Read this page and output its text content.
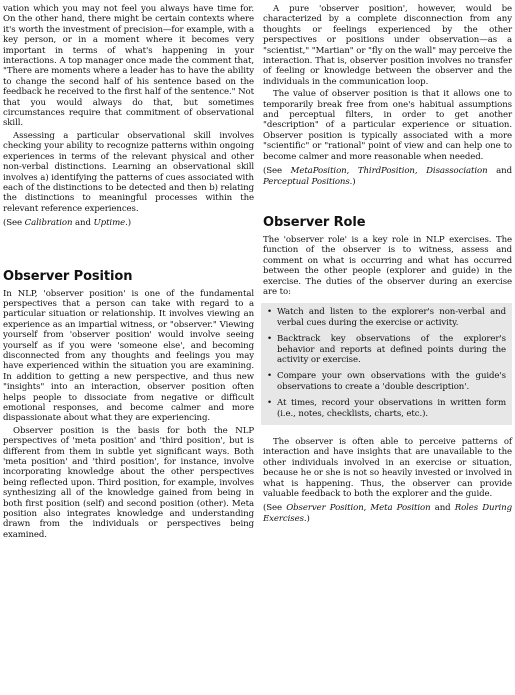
vation which you may not feel you always have time for. On the other hand, there might be certain contexts where it's worth the investment of precision—for example, with a key person, or in a moment where it becomes very important in terms of what's happening in your interactions. A top manager once made the comment that, "There are moments where a leader has to have the ability to change the second half of his sentence based on the feedback he received to the first half of the sentence." Not that you would always do that, but sometimes circumstances require that commitment of observational skill.

Assessing a particular observational skill involves checking your ability to recognize patterns within ongoing experiences in terms of the relevant physical and other non-verbal distinctions. Learning an observational skill involves a) identifying the patterns of cues associated with each of the distinctions to be detected and then b) relating the distinctions to meaningful processes within the relevant reference experiences.

(See Calibration and Uptime.)

Observer Position

In NLP, 'observer position' is one of the fundamental perspectives that a person can take with regard to a particular situation or relationship. It involves viewing an experience as an impartial witness, or "observer." Viewing yourself from 'observer position' would involve seeing yourself as if you were 'someone else', and becoming disconnected from any thoughts and feelings you may have experienced within the situation you are examining. In addition to getting a new perspective, and thus new "insights" into an interaction, observer position often helps people to dissociate from negative or difficult emotional responses, and become calmer and more dispassionate about what they are experiencing.

Observer position is the basis for both the NLP perspectives of 'meta position' and 'third position', but is different from them in subtle yet significant ways. Both 'meta position' and 'third position', for instance, involve incorporating knowledge about the other perspectives being reflected upon. Third position, for example, involves synthesizing all of the knowledge gained from being in both first position (self) and second position (other). Meta position also integrates knowledge and understanding drawn from the individuals or perspectives being examined.

A pure 'observer position', however, would be characterized by a complete disconnection from any thoughts or feelings experienced by the other perspectives or positions under observation—as a "scientist," "Martian" or "fly on the wall" may perceive the interaction. That is, observer position involves no transfer of feeling or knowledge between the observer and the individuals in the communication loop.

The value of observer position is that it allows one to temporarily break free from one's habitual assumptions and perceptual filters, in order to get another "description" of a particular experience or situation. Observer position is typically associated with a more "scientific" or "rational" point of view and can help one to become calmer and more reasonable when needed.

(See MetaPosition, ThirdPosition, Disassociation and Perceptual Positions.)

Observer Role

The 'observer role' is a key role in NLP exercises. The function of the observer is to witness, assess and comment on what is occurring and what has occurred between the other people (explorer and guide) in the exercise. The duties of the observer during an exercise are to:

• Watch and listen to the explorer's non-verbal and verbal cues during the exercise or activity.
• Backtrack key observations of the explorer's behavior and reports at defined points during the activity or exercise.
• Compare your own observations with the guide's observations to create a 'double description'.
• At times, record your observations in written form (i.e., notes, checklists, charts, etc.).

The observer is often able to perceive patterns of interaction and have insights that are unavailable to the other individuals involved in an exercise or situation, because he or she is not so heavily invested or involved in what is happening. Thus, the observer can provide valuable feedback to both the explorer and the guide.

(See Observer Position, Meta Position and Roles During Exercises.)
